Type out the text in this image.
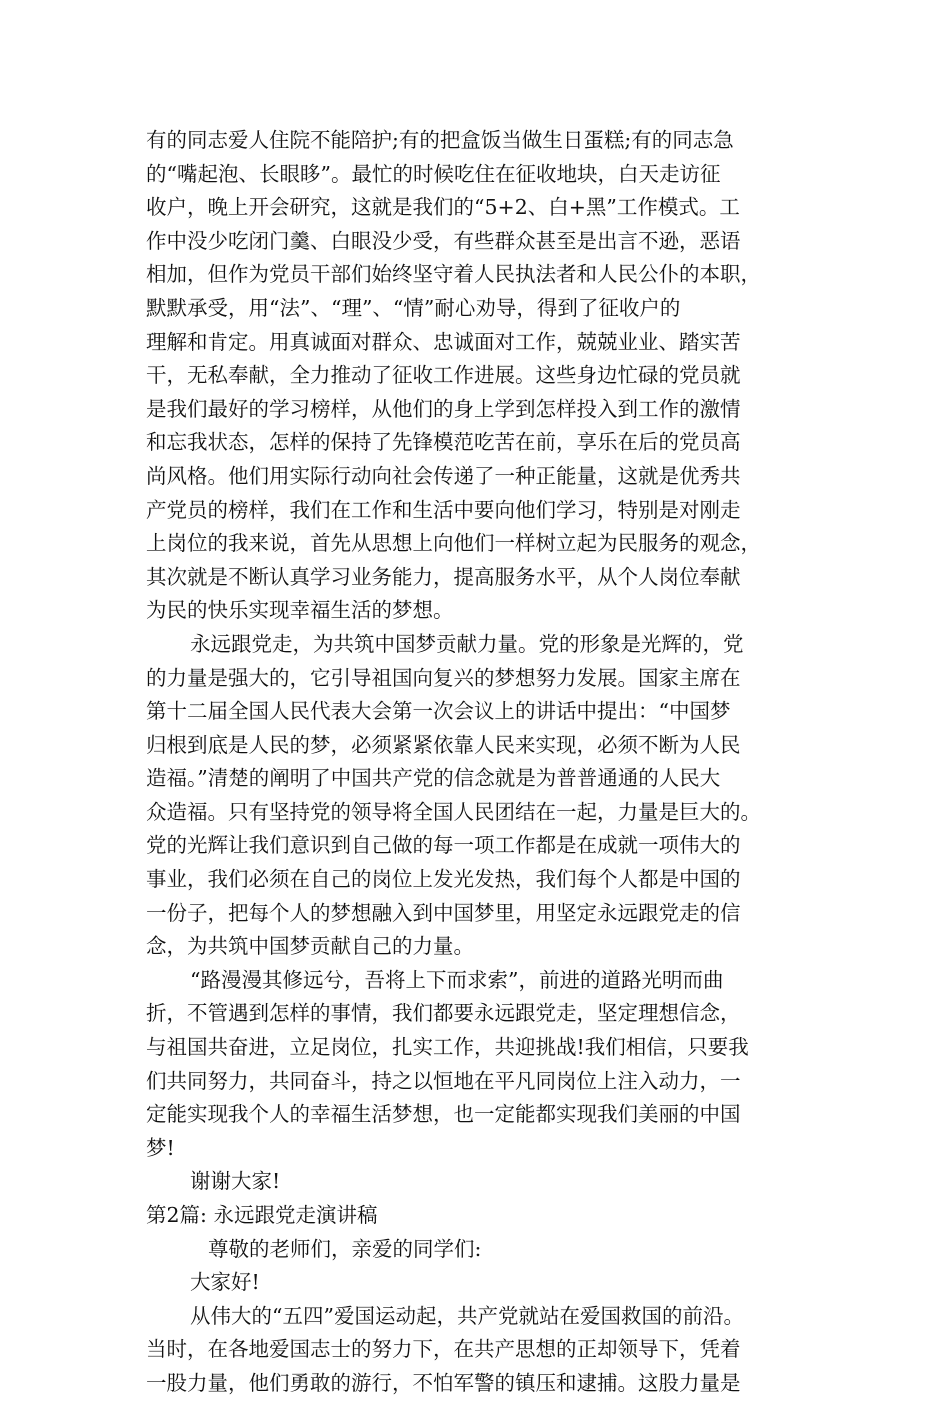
有的同志爱人住院不能陪护;有的把盒饭当做生日蛋糕;有的同志急
的“嘴起泡、长眼眵”。最忙的时候吃住在征收地块，白天走访征
收户，晚上开会研究，这就是我们的“5+2、白+黑”工作模式。工
作中没少吃闭门羹、白眼没少受，有些群众甚至是出言不逊，恶语
相加，但作为党员干部们始终坚守着人民执法者和人民公仆的本职，
默默承受，用“法”、“理”、“情”耐心劝导，得到了征收户的
理解和肯定。用真诚面对群众、忠诚面对工作，兢兢业业、踏实苦
干，无私奉献，全力推动了征收工作进展。这些身边忙碌的党员就
是我们最好的学习榜样，从他们的身上学到怎样投入到工作的激情
和忘我状态，怎样的保持了先锋模范吃苦在前，享乐在后的党员高
尚风格。他们用实际行动向社会传递了一种正能量，这就是优秀共
产党员的榜样，我们在工作和生活中要向他们学习，特别是对刚走
上岗位的我来说，首先从思想上向他们一样树立起为民服务的观念，
其次就是不断认真学习业务能力，提高服务水平，从个人岗位奉献
为民的快乐实现幸福生活的梦想。
永远跟党走，为共筑中国梦贡献力量。党的形象是光辉的，党
的力量是强大的，它引导祖国向复兴的梦想努力发展。国家主席在
第十二届全国人民代表大会第一次会议上的讲话中提出：“中国梦
归根到底是人民的梦，必须紧紧依靠人民来实现，必须不断为人民
造福。”清楚的阐明了中国共产党的信念就是为普普通通的人民大
众造福。只有坚持党的领导将全国人民团结在一起，力量是巨大的。
党的光辉让我们意识到自己做的每一项工作都是在成就一项伟大的
事业，我们必须在自己的岗位上发光发热，我们每个人都是中国的
一份子，把每个人的梦想融入到中国梦里，用坚定永远跟党走的信
念，为共筑中国梦贡献自己的力量。
“路漫漫其修远兮，吾将上下而求索”，前进的道路光明而曲
折，不管遇到怎样的事情，我们都要永远跟党走，坚定理想信念，
与祖国共奋进，立足岗位，扎实工作，共迎挑战!我们相信，只要我
们共同努力，共同奋斗，持之以恒地在平凡同岗位上注入动力，一
定能实现我个人的幸福生活梦想，也一定能都实现我们美丽的中国
梦!
谢谢大家!
第2篇: 永远跟党走演讲稿
尊敬的老师们，亲爱的同学们:
大家好!
从伟大的“五四”爱国运动起，共产党就站在爱国救国的前沿。
当时，在各地爱国志士的努力下，在共产思想的正却领导下，凭着
一股力量，他们勇敢的游行，不怕军警的镇压和逮捕。这股力量是
